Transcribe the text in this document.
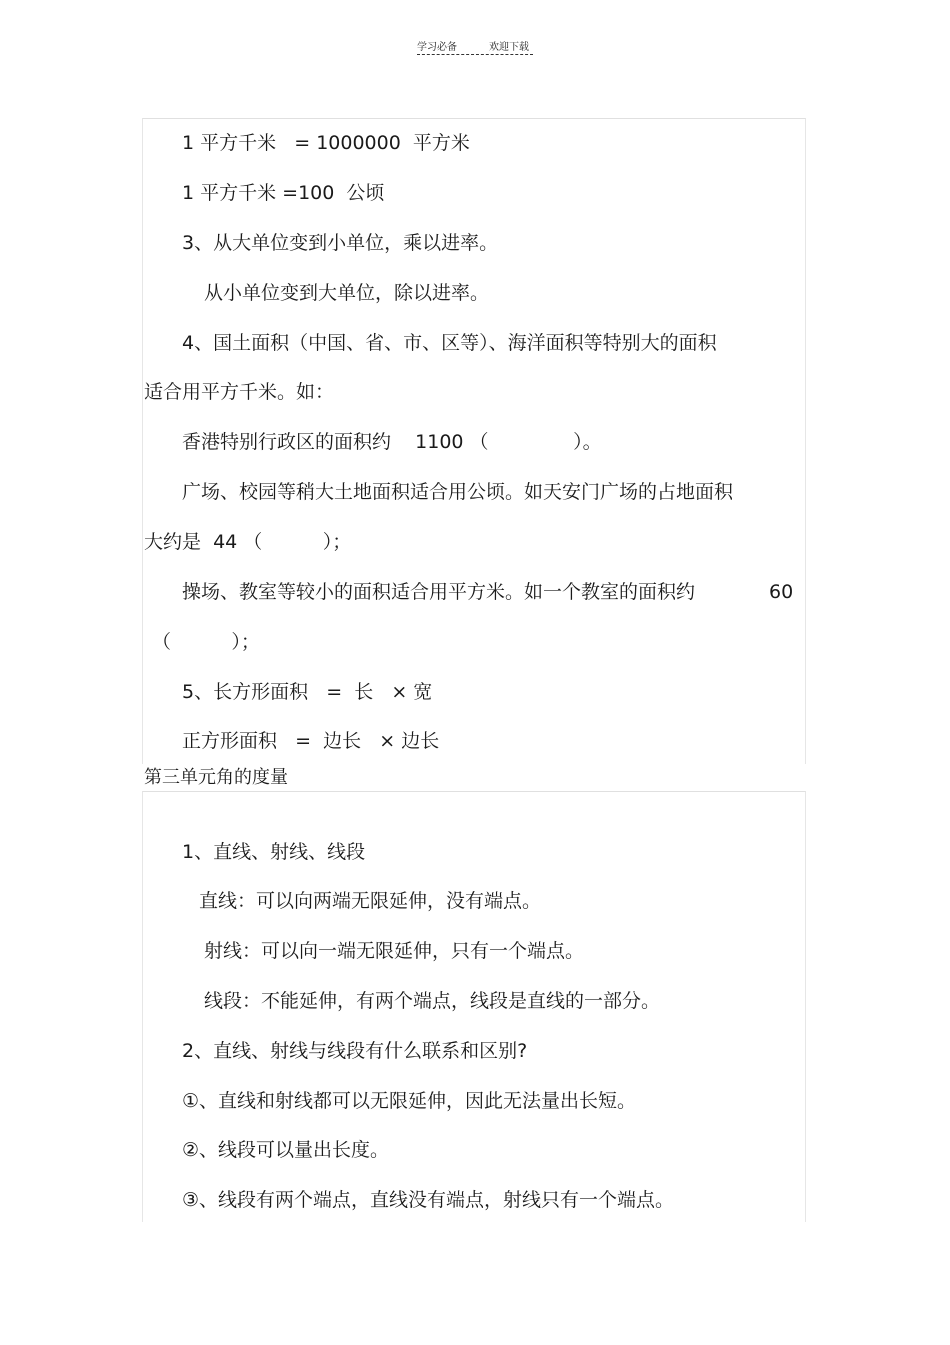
学习必备	欢迎下载
1 平方千米   = 1000000  平方米
1 平方千米 =100  公顷
3、从大单位变到小单位，乘以进率。
从小单位变到大单位，除以进率。
4、国土面积（中国、省、市、区等）、海洋面积等特别大的面积
适合用平方千米。如：
香港特别行政区的面积约    1100 （              ）。
广场、校园等稍大土地面积适合用公顷。如天安门广场的占地面积
大约是  44 （          ）；
操场、教室等较小的面积适合用平方米。如一个教室的面积约	60
（          ）；
5、长方形面积   =  长   × 宽
正方形面积   =  边长   × 边长
第三单元角的度量
1、直线、射线、线段
直线：可以向两端无限延伸，没有端点。
射线：可以向一端无限延伸，只有一个端点。
线段：不能延伸，有两个端点，线段是直线的一部分。
2、直线、射线与线段有什么联系和区别?
①、直线和射线都可以无限延伸，因此无法量出长短。
②、线段可以量出长度。
③、线段有两个端点，直线没有端点，射线只有一个端点。
